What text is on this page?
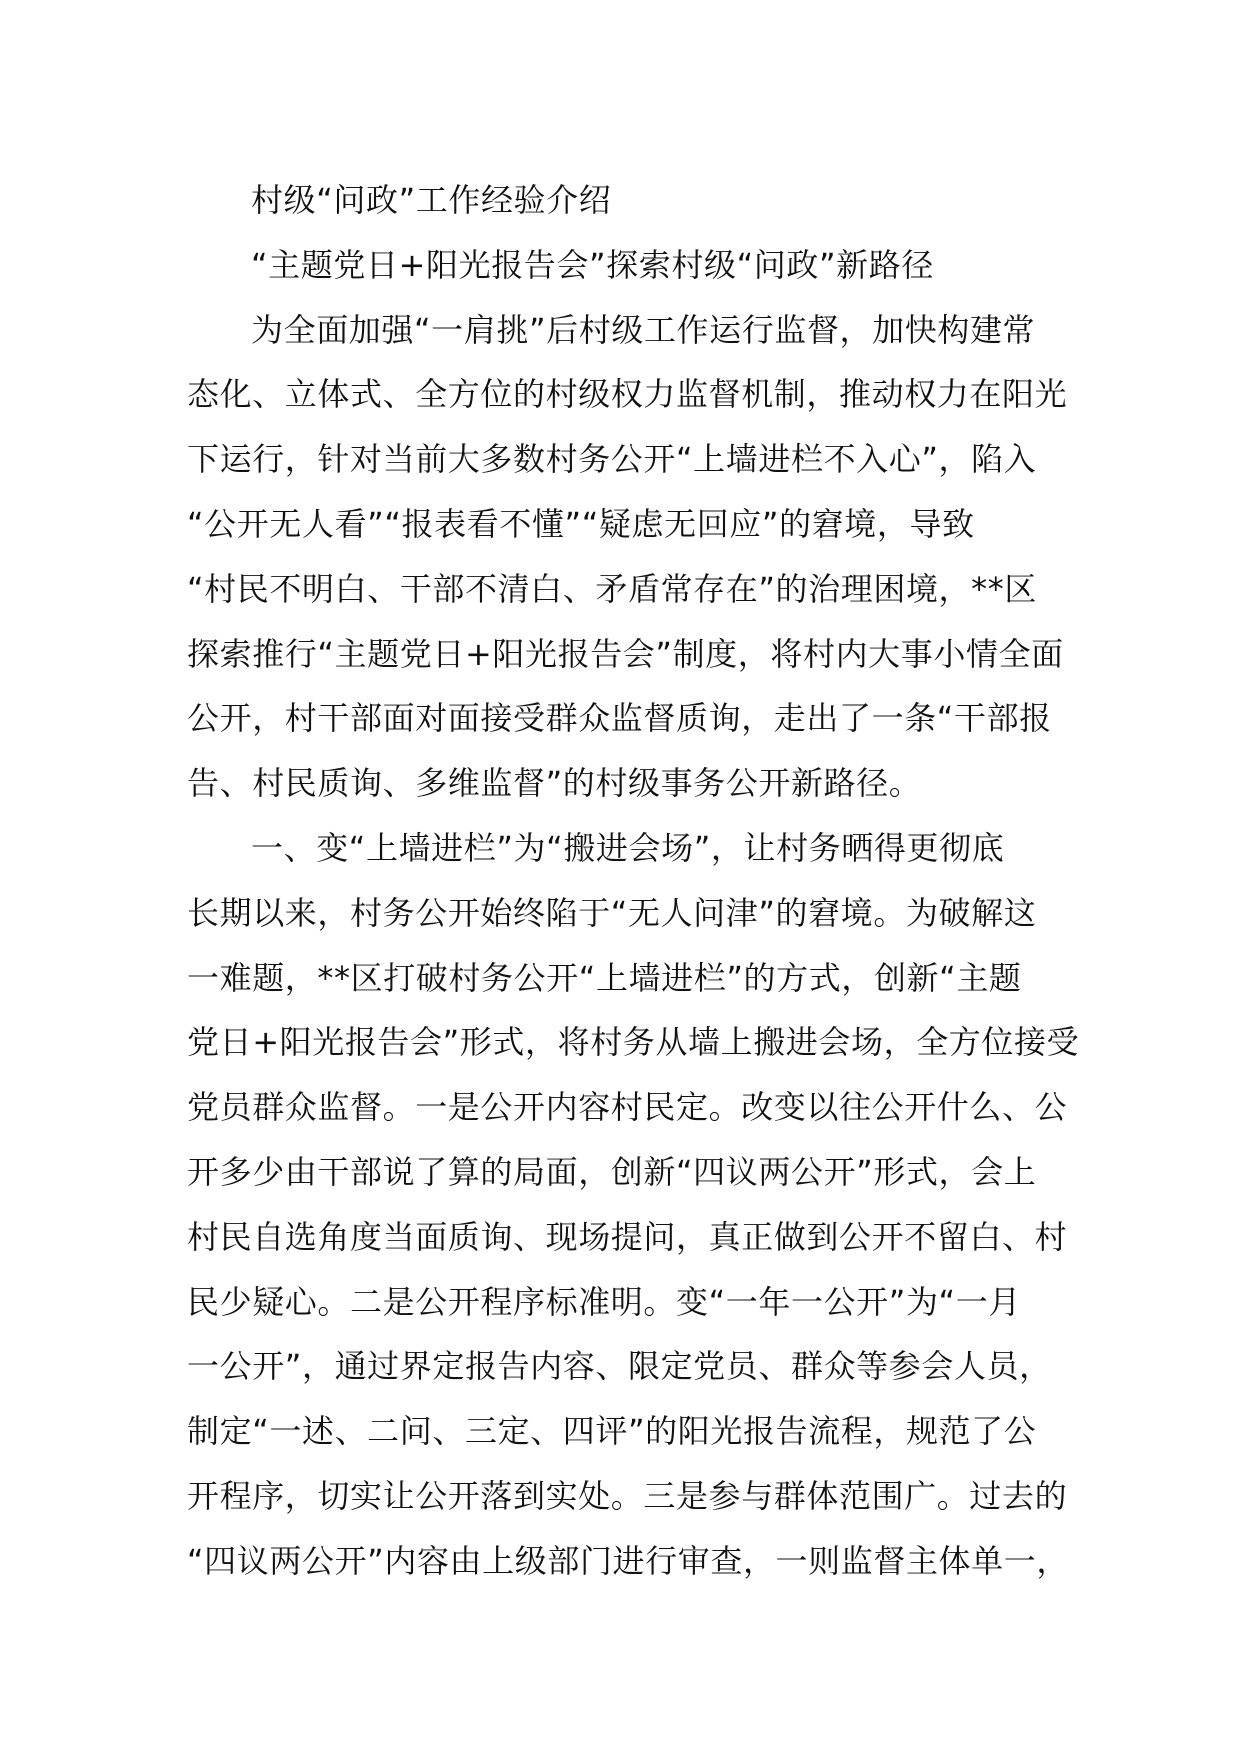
村级“问政”工作经验介绍
“主题党日+阳光报告会”探索村级“问政”新路径
为全面加强“一肩挑”后村级工作运行监督，加快构建常
态化、立体式、全方位的村级权力监督机制，推动权力在阳光
下运行，针对当前大多数村务公开“上墙进栏不入心”，陷入
“公开无人看”“报表看不懂”“疑虑无回应”的窘境，导致
“村民不明白、干部不清白、矛盾常存在”的治理困境，**区
探索推行“主题党日+阳光报告会”制度，将村内大事小情全面
公开，村干部面对面接受群众监督质询，走出了一条“干部报
告、村民质询、多维监督”的村级事务公开新路径。
一、变“上墙进栏”为“搬进会场”，让村务晒得更彻底
长期以来，村务公开始终陷于“无人问津”的窘境。为破解这
一难题，**区打破村务公开“上墙进栏”的方式，创新“主题
党日+阳光报告会”形式，将村务从墙上搬进会场，全方位接受
党员群众监督。一是公开内容村民定。改变以往公开什么、公
开多少由干部说了算的局面，创新“四议两公开”形式，会上
村民自选角度当面质询、现场提问，真正做到公开不留白、村
民少疑心。二是公开程序标准明。变“一年一公开”为“一月
一公开”，通过界定报告内容、限定党员、群众等参会人员，
制定“一述、二问、三定、四评”的阳光报告流程，规范了公
开程序，切实让公开落到实处。三是参与群体范围广。过去的
“四议两公开”内容由上级部门进行审查，一则监督主体单一，
